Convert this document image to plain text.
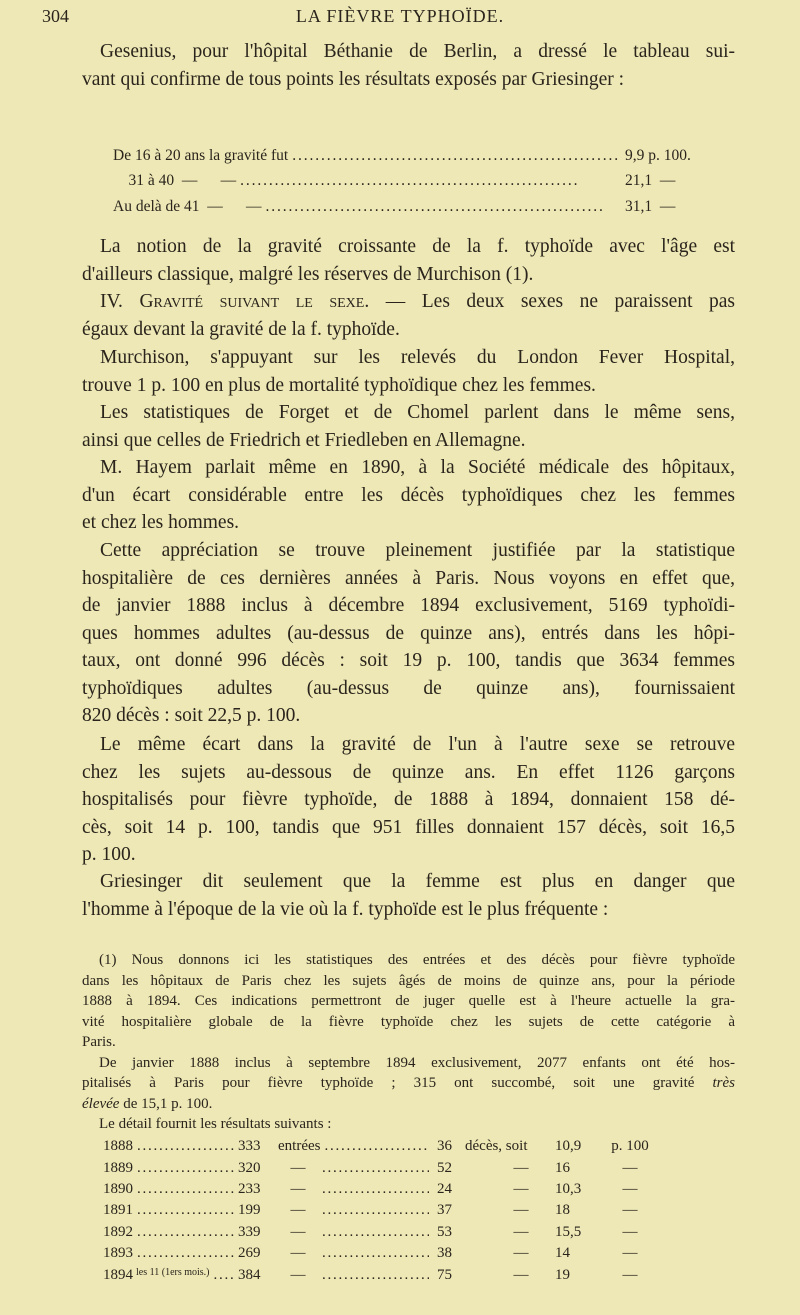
304	LA FIÈVRE TYPHOÏDE.
Gesenius, pour l'hôpital Béthanie de Berlin, a dressé le tableau sui-
vant qui confirme de tous points les résultats exposés par Griesinger :
De 16 à 20 ans la gravité fut . . .	9,9 p. 100.
31 à 40  —      — . . .	21,1  —
Au delà de 41  —      — . . .	31,1  —
La notion de la gravité croissante de la f. typhoïde avec l'âge est
d'ailleurs classique, malgré les réserves de Murchison (1).
IV. Gravité suivant le sexe. — Les deux sexes ne paraissent pas
égaux devant la gravité de la f. typhoïde.
Murchison, s'appuyant sur les relevés du London Fever Hospital,
trouve 1 p. 100 en plus de mortalité typhoïdique chez les femmes.
Les statistiques de Forget et de Chomel parlent dans le même sens,
ainsi que celles de Friedrich et Friedleben en Allemagne.
M. Hayem parlait même en 1890, à la Société médicale des hôpitaux,
d'un écart considérable entre les décès typhoïdiques chez les femmes
et chez les hommes.
Cette appréciation se trouve pleinement justifiée par la statistique
hospitalière de ces dernières années à Paris. Nous voyons en effet que,
de janvier 1888 inclus à décembre 1894 exclusivement, 5169 typhoïdi-
ques hommes adultes (au-dessus de quinze ans), entrés dans les hôpi-
taux, ont donné 996 décès : soit 19 p. 100, tandis que 3634 femmes
typhoïdiques adultes (au-dessus de quinze ans), fournissaient
820 décès : soit 22,5 p. 100.
Le même écart dans la gravité de l'un à l'autre sexe se retrouve
chez les sujets au-dessous de quinze ans. En effet 1126 garçons
hospitalisés pour fièvre typhoïde, de 1888 à 1894, donnaient 158 dé-
cès, soit 14 p. 100, tandis que 951 filles donnaient 157 décès, soit 16,5
p. 100.
Griesinger dit seulement que la femme est plus en danger que
l'homme à l'époque de la vie où la f. typhoïde est le plus fréquente :
(1) Nous donnons ici les statistiques des entrées et des décès pour fièvre typhoïde
dans les hôpitaux de Paris chez les sujets âgés de moins de quinze ans, pour la période
1888 à 1894. Ces indications permettront de juger quelle est à l'heure actuelle la gra-
vité hospitalière globale de la fièvre typhoïde chez les sujets de cette catégorie à
Paris.
De janvier 1888 inclus à septembre 1894 exclusivement, 2077 enfants ont été hos-
pitalisés à Paris pour fièvre typhoïde ; 315 ont succombé, soit une gravité très
élevée de 15,1 p. 100.
Le détail fournit les résultats suivants :
1888 . . .	333	entrées . . .	36 décès, soit	10,9	p. 100
1889 . . .	320	— . . .	52	—	16	—
1890 . . .	233	— . . .	24	—	10,3	—
1891 . . .	199	— . . .	37	—	18	—
1892 . . .	339	— . . .	53	—	15,5	—
1893 . . .	269	— . . .	38	—	14	—
1894 les 11 (1ers mois.) . . . 384	— . . .	75	—	19	—
